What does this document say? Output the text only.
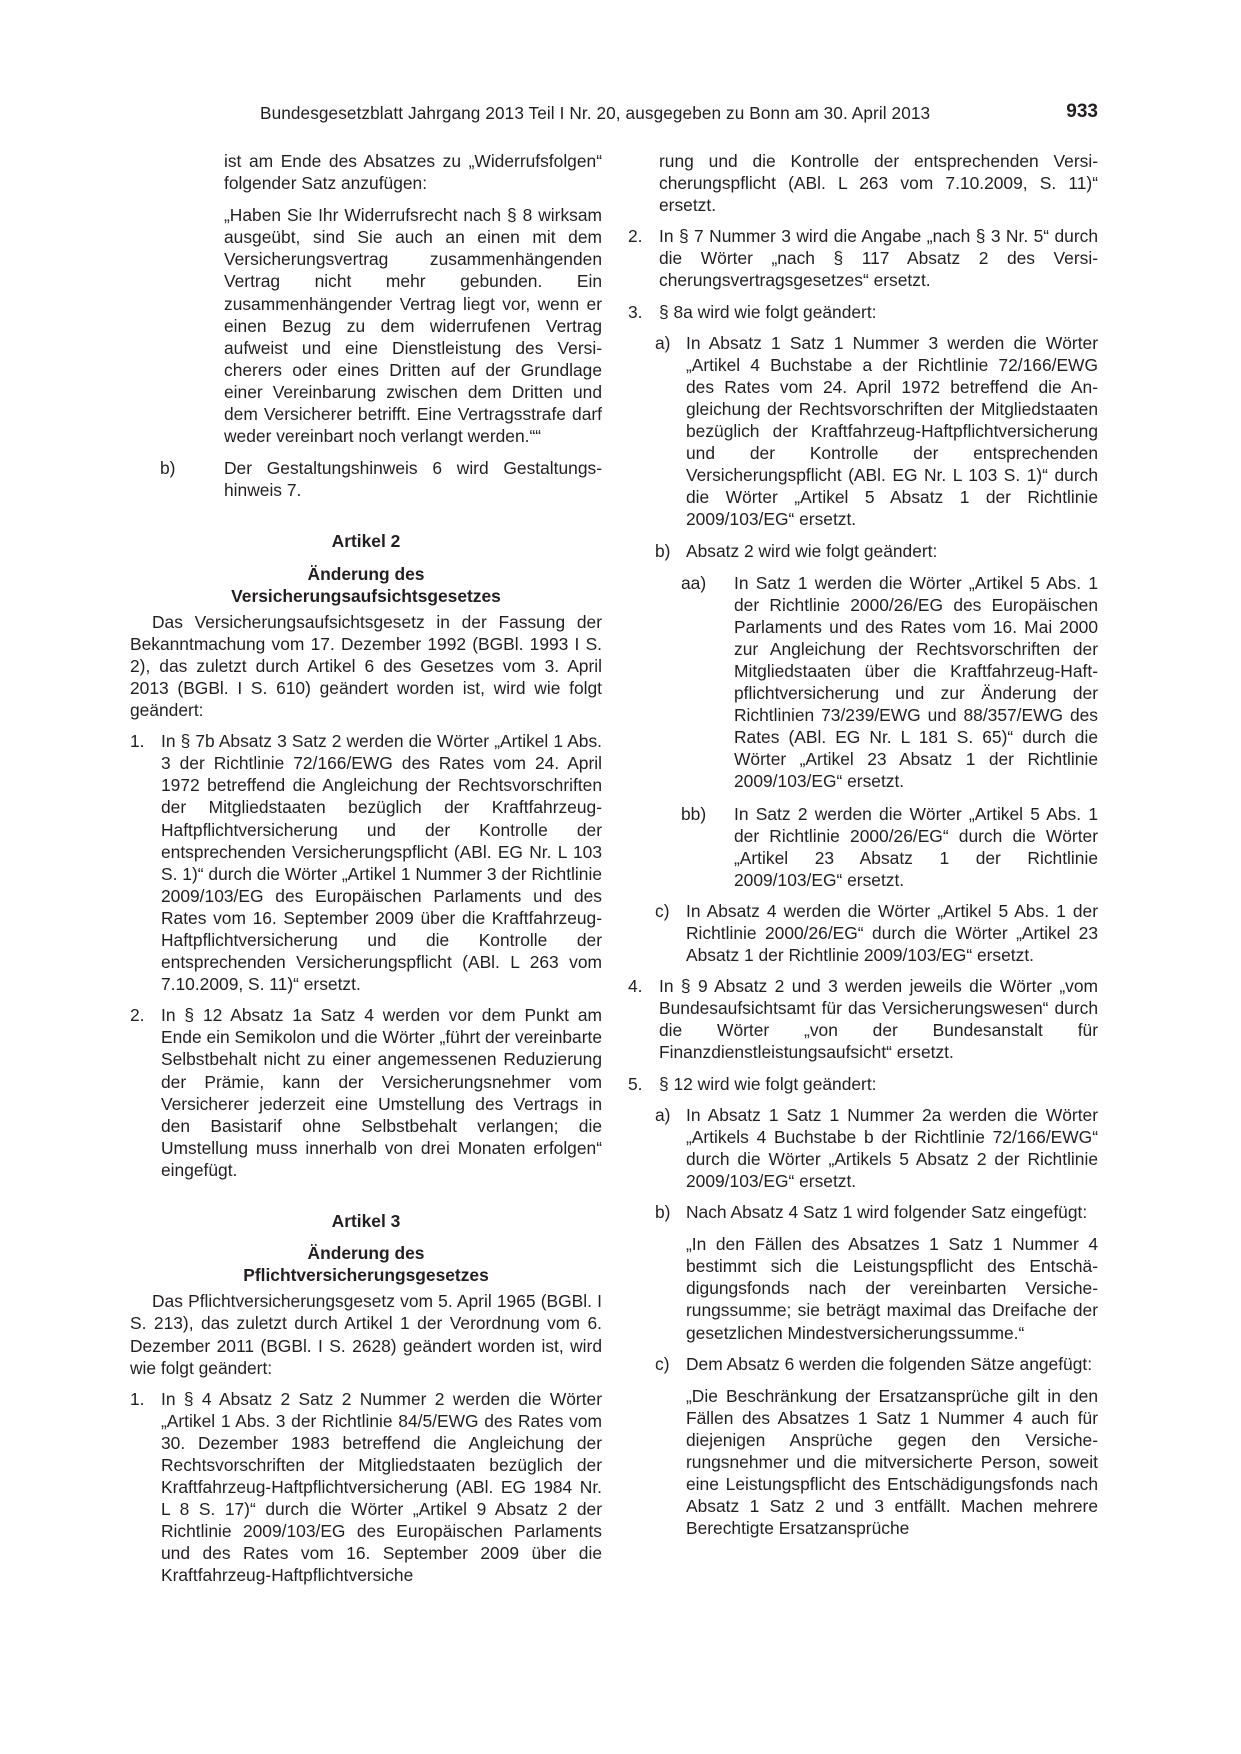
Bundesgesetzblatt Jahrgang 2013 Teil I Nr. 20, ausgegeben zu Bonn am 30. April 2013	933

ist am Ende des Absatzes zu „Widerrufsfolgen“ folgender Satz anzufügen:

„Haben Sie Ihr Widerrufsrecht nach § 8 wirksam ausgeübt, sind Sie auch an einen mit dem Versicherungsvertrag zusammenhängenden Vertrag nicht mehr gebunden. Ein zusammenhängender Vertrag liegt vor, wenn er einen Bezug zu dem widerrufenen Vertrag aufweist und eine Dienstleistung des Versicherers oder eines Dritten auf der Grundlage einer Vereinbarung zwischen dem Dritten und dem Versicherer betrifft. Eine Vertragsstrafe darf weder vereinbart noch verlangt werden.““

b)	Der Gestaltungshinweis 6 wird Gestaltungshinweis 7.

Artikel 2
Änderung des
Versicherungsaufsichtsgesetzes

Das Versicherungsaufsichtsgesetz in der Fassung der Bekanntmachung vom 17. Dezember 1992 (BGBl. 1993 I S. 2), das zuletzt durch Artikel 6 des Gesetzes vom 3. April 2013 (BGBl. I S. 610) geändert worden ist, wird wie folgt geändert:

1. In § 7b Absatz 3 Satz 2 werden die Wörter „Artikel 1 Abs. 3 der Richtlinie 72/166/EWG des Rates vom 24. April 1972 betreffend die Angleichung der Rechtsvorschriften der Mitgliedstaaten bezüglich der Kraftfahrzeug-Haftpflichtversicherung und der Kontrolle der entsprechenden Versicherungspflicht (ABl. EG Nr. L 103 S. 1)“ durch die Wörter „Artikel 1 Nummer 3 der Richtlinie 2009/103/EG des Europäischen Parlaments und des Rates vom 16. September 2009 über die Kraftfahrzeug-Haftpflichtversicherung und die Kontrolle der entsprechenden Versicherungspflicht (ABl. L 263 vom 7.10.2009, S. 11)“ ersetzt.

2. In § 12 Absatz 1a Satz 4 werden vor dem Punkt am Ende ein Semikolon und die Wörter „führt der vereinbarte Selbstbehalt nicht zu einer angemessenen Reduzierung der Prämie, kann der Versicherungsnehmer vom Versicherer jederzeit eine Umstellung des Vertrags in den Basistarif ohne Selbstbehalt verlangen; die Umstellung muss innerhalb von drei Monaten erfolgen“ eingefügt.

Artikel 3
Änderung des
Pflichtversicherungsgesetzes

Das Pflichtversicherungsgesetz vom 5. April 1965 (BGBl. I S. 213), das zuletzt durch Artikel 1 der Verordnung vom 6. Dezember 2011 (BGBl. I S. 2628) geändert worden ist, wird wie folgt geändert:

1. In § 4 Absatz 2 Satz 2 Nummer 2 werden die Wörter „Artikel 1 Abs. 3 der Richtlinie 84/5/EWG des Rates vom 30. Dezember 1983 betreffend die Angleichung der Rechtsvorschriften der Mitgliedstaaten bezüglich der Kraftfahrzeug-Haftpflichtversicherung (ABl. EG 1984 Nr. L 8 S. 17)“ durch die Wörter „Artikel 9 Absatz 2 der Richtlinie 2009/103/EG des Europäischen Parlaments und des Rates vom 16. September 2009 über die Kraftfahrzeug-Haftpflichtversiche

rung und die Kontrolle der entsprechenden Versicherungspflicht (ABl. L 263 vom 7.10.2009, S. 11)“ ersetzt.

2. In § 7 Nummer 3 wird die Angabe „nach § 3 Nr. 5“ durch die Wörter „nach § 117 Absatz 2 des Versicherungsvertragsgesetzes“ ersetzt.

3. § 8a wird wie folgt geändert:

a) In Absatz 1 Satz 1 Nummer 3 werden die Wörter „Artikel 4 Buchstabe a der Richtlinie 72/166/EWG des Rates vom 24. April 1972 betreffend die Angleichung der Rechtsvorschriften der Mitgliedstaaten bezüglich der Kraftfahrzeug-Haftpflichtversicherung und der Kontrolle der entsprechenden Versicherungspflicht (ABl. EG Nr. L 103 S. 1)“ durch die Wörter „Artikel 5 Absatz 1 der Richtlinie 2009/103/EG“ ersetzt.

b) Absatz 2 wird wie folgt geändert:

aa) In Satz 1 werden die Wörter „Artikel 5 Abs. 1 der Richtlinie 2000/26/EG des Europäischen Parlaments und des Rates vom 16. Mai 2000 zur Angleichung der Rechtsvorschriften der Mitgliedstaaten über die Kraftfahrzeug-Haftpflichtversicherung und zur Änderung der Richtlinien 73/239/EWG und 88/357/EWG des Rates (ABl. EG Nr. L 181 S. 65)“ durch die Wörter „Artikel 23 Absatz 1 der Richtlinie 2009/103/EG“ ersetzt.

bb) In Satz 2 werden die Wörter „Artikel 5 Abs. 1 der Richtlinie 2000/26/EG“ durch die Wörter „Artikel 23 Absatz 1 der Richtlinie 2009/103/EG“ ersetzt.

c) In Absatz 4 werden die Wörter „Artikel 5 Abs. 1 der Richtlinie 2000/26/EG“ durch die Wörter „Artikel 23 Absatz 1 der Richtlinie 2009/103/EG“ ersetzt.

4. In § 9 Absatz 2 und 3 werden jeweils die Wörter „vom Bundesaufsichtsamt für das Versicherungswesen“ durch die Wörter „von der Bundesanstalt für Finanzdienstleistungsaufsicht“ ersetzt.

5. § 12 wird wie folgt geändert:

a) In Absatz 1 Satz 1 Nummer 2a werden die Wörter „Artikels 4 Buchstabe b der Richtlinie 72/166/EWG“ durch die Wörter „Artikels 5 Absatz 2 der Richtlinie 2009/103/EG“ ersetzt.

b) Nach Absatz 4 Satz 1 wird folgender Satz eingefügt:

„In den Fällen des Absatzes 1 Satz 1 Nummer 4 bestimmt sich die Leistungspflicht des Entschädigungsfonds nach der vereinbarten Versicherungssumme; sie beträgt maximal das Dreifache der gesetzlichen Mindestversicherungssumme.“

c) Dem Absatz 6 werden die folgenden Sätze angefügt:

„Die Beschränkung der Ersatzansprüche gilt in den Fällen des Absatzes 1 Satz 1 Nummer 4 auch für diejenigen Ansprüche gegen den Versicherungsnehmer und die mitversicherte Person, soweit eine Leistungspflicht des Entschädigungsfonds nach Absatz 1 Satz 2 und 3 entfällt. Machen mehrere Berechtigte Ersatzansprüche
